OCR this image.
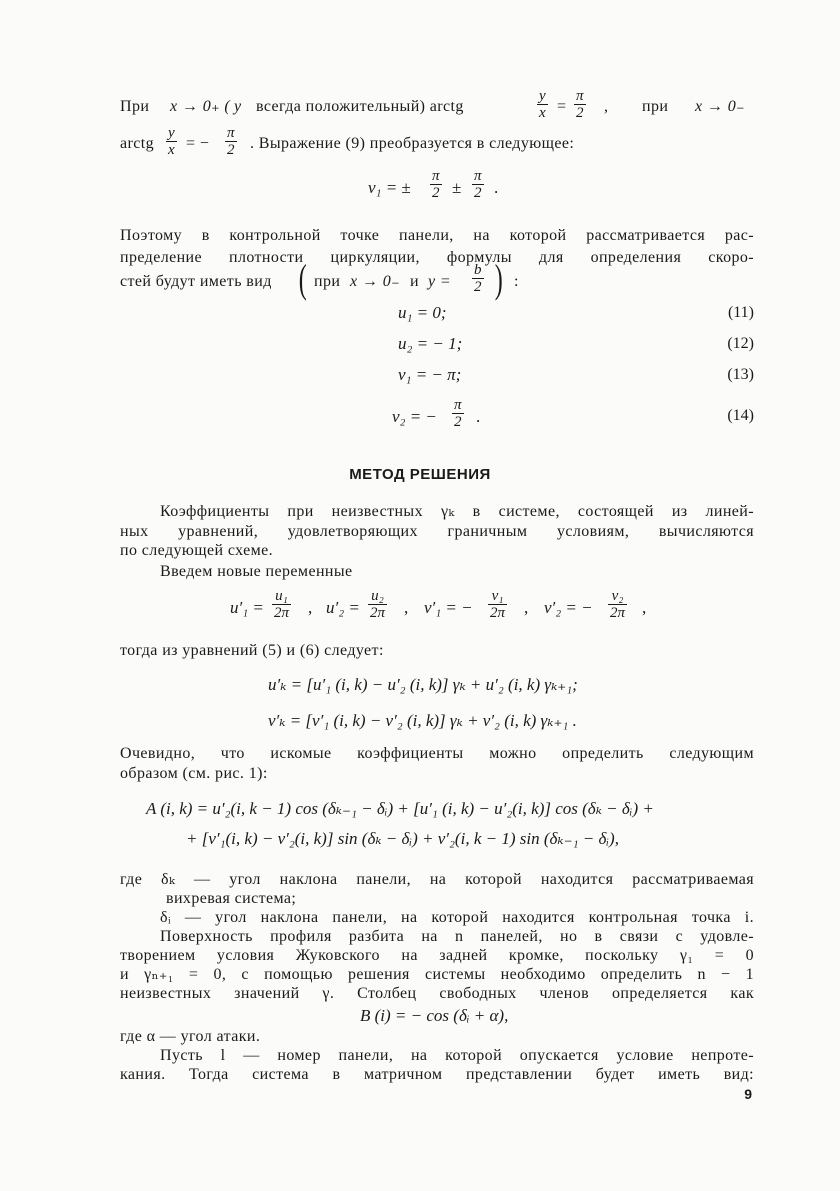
При x → 0₊ ( y всегда положительный) arctg	$\frac{y}{x} = \frac{\pi}{2}$ , при x → 0₋
arctg $\frac{y}{x}$ = − $\frac{\pi}{2}$ . Выражение (9) преобразуется в следующее:
v₁ = ± $\frac{\pi}{2} \pm \frac{\pi}{2}$ .
Поэтому в контрольной точке панели, на которой рассматривается рас-
пределение плотности циркуляции, формулы для определения скоро-
стей будут иметь вид ( при x → 0₋ и $y = \frac{b}{2}$ ) :
u₁ = 0;	(11)
u₂ = − 1;	(12)
v₁ = − π;	(13)
v₂ = − $\frac{\pi}{2}$ .	(14)
МЕТОД РЕШЕНИЯ
Коэффициенты при неизвестных γₖ в системе, состоящей из линей-
ных уравнений, удовлетворяющих граничным условиям, вычисляются
по следующей схеме.
Введем новые переменные
$u'_1 = \frac{\text{u₁}}{2\pi}$ , $u'_2 = \frac{\text{u₂}}{2\pi}$ , v′₁ = − $\frac{\text{v₁}}{2\pi}$ , v′₂ = − $\frac{\text{v₂}}{2\pi}$ ,
тогда из уравнений (5) и (6) следует:
u′ₖ = [u′₁ (i, k) − u′₂ (i, k)] γₖ + u′₂ (i, k) γₖ₊₁;
v′ₖ = [v′₁ (i, k) − v′₂ (i, k)] γₖ + v′₂ (i, k) γₖ₊₁ .
Очевидно, что искомые коэффициенты можно определить следующим
образом (см. рис. 1):
A (i, k) = u′₂(i, k − 1) cos (δₖ₋₁ − δᵢ) + [u′₁ (i, k) − u′₂(i, k)] cos (δₖ − δᵢ) +
+ [v′₁(i, k) − v′₂(i, k)] sin (δₖ − δᵢ) + v′₂(i, k − 1) sin (δₖ₋₁ − δᵢ),
где δₖ — угол наклона панели, на которой находится рассматриваемая
вихревая система;
δᵢ — угол наклона панели, на которой находится контрольная точка i.
Поверхность профиля разбита на n панелей, но в связи с удовле-
творением условия Жуковского на задней кромке, поскольку γ₁ = 0
и γₙ₊₁ = 0, с помощью решения системы необходимо определить n − 1
неизвестных значений γ. Столбец свободных членов определяется как
B (i) = − cos (δᵢ + α),
где α — угол атаки.
Пусть l — номер панели, на которой опускается условие непроте-
кания. Тогда система в матричном представлении будет иметь вид:
9
